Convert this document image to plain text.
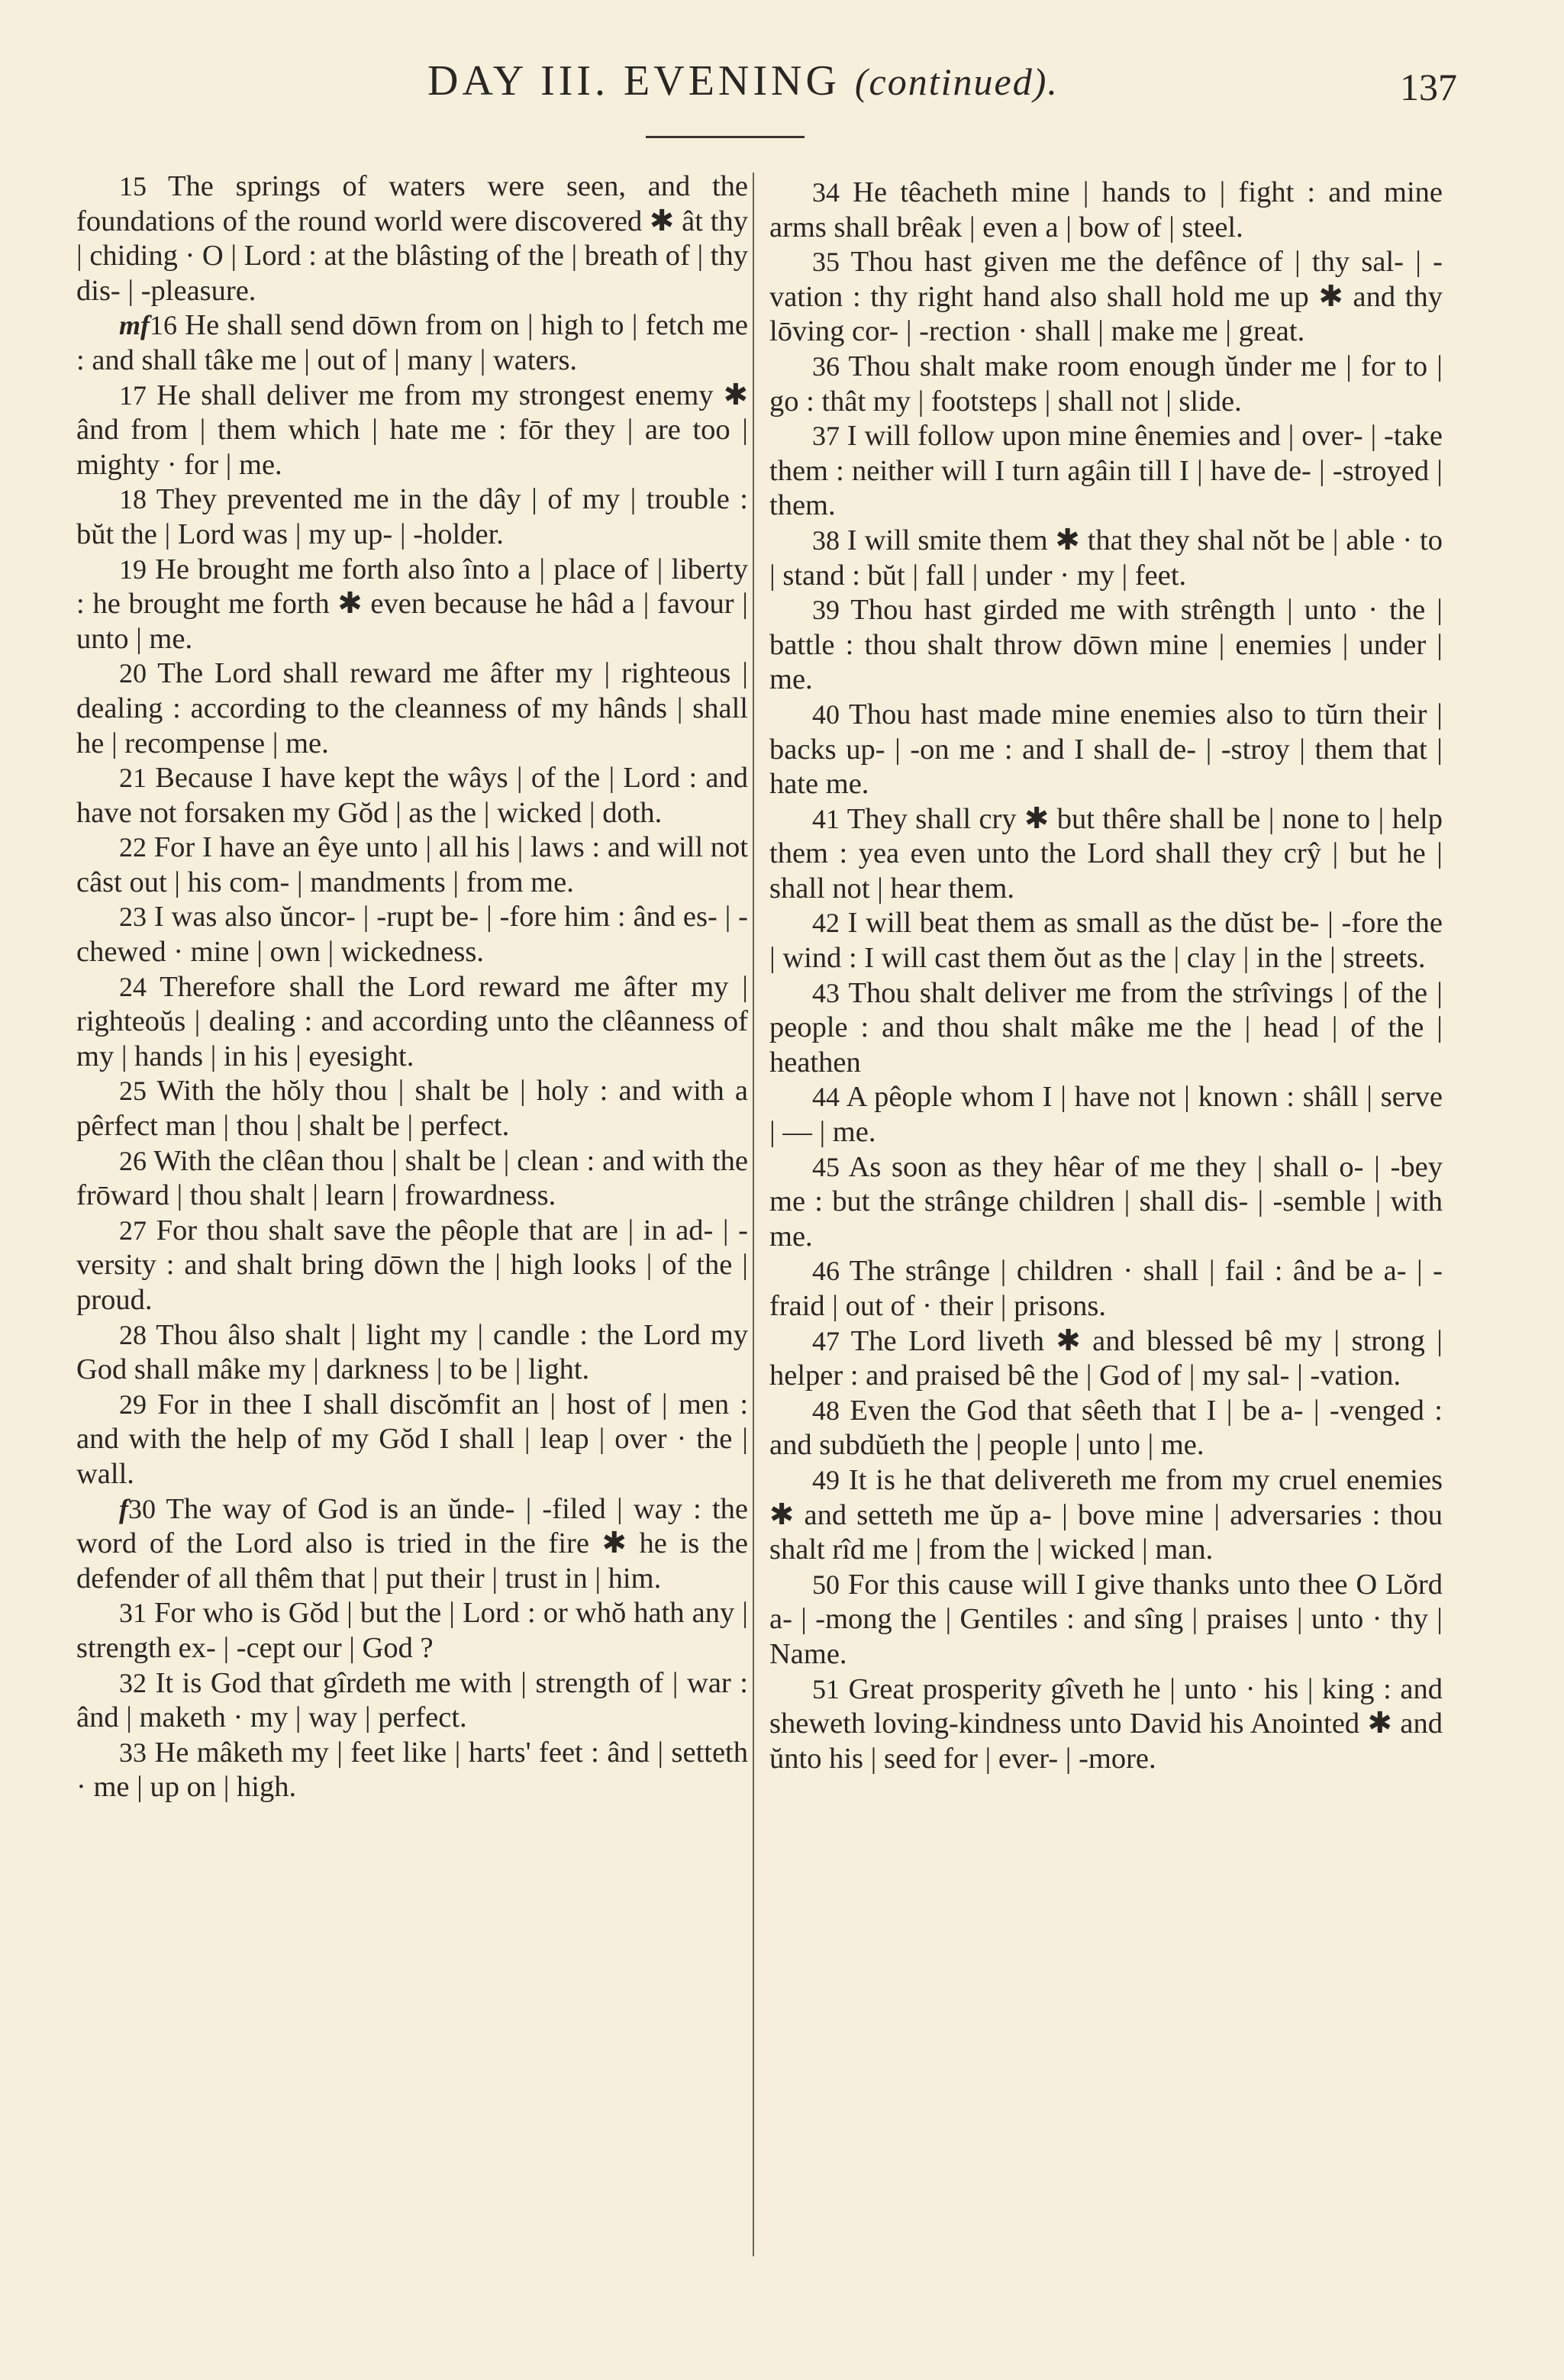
DAY III. EVENING (continued).	137

15 The springs of waters were seen, and the foundations of the round world were discovered ✱ ât thy | chiding · O | Lord : at the blâsting of the | breath of | thy dis- | -pleasure.

mf16 He shall send dōwn from on | high to | fetch me : and shall tâke me | out of | many | waters.

17 He shall deliver me from my strongest enemy ✱ ând from | them which | hate me : fōr they | are too | mighty · for | me.

18 They prevented me in the dây | of my | trouble : bŭt the | Lord was | my up- | -holder.

19 He brought me forth also înto a | place of | liberty : he brought me forth ✱ even because he hâd a | favour | unto | me.

20 The Lord shall reward me âfter my | righteous | dealing : according to the cleanness of my hânds | shall he | recompense | me.

21 Because I have kept the wâys | of the | Lord : and have not forsaken my Gŏd | as the | wicked | doth.

22 For I have an êye unto | all his | laws : and will not câst out | his com- | mandments | from me.

23 I was also ŭncor- | -rupt be- | -fore him : ând es- | -chewed · mine | own | wickedness.

24 Therefore shall the Lord reward me âfter my | righteoŭs | dealing : and according unto the clêanness of my | hands | in his | eyesight.

25 With the hŏly thou | shalt be | holy : and with a pêrfect man | thou | shalt be | perfect.

26 With the clêan thou | shalt be | clean : and with the frōward | thou shalt | learn | frowardness.

27 For thou shalt save the pêople that are | in ad- | -versity : and shalt bring dōwn the | high looks | of the | proud.

28 Thou âlso shalt | light my | candle : the Lord my God shall mâke my | darkness | to be | light.

29 For in thee I shall discŏmfit an | host of | men : and with the help of my Gŏd I shall | leap | over · the | wall.

f30 The way of God is an ŭnde- | -filed | way : the word of the Lord also is tried in the fire ✱ he is the defender of all thêm that | put their | trust in | him.

31 For who is Gŏd | but the | Lord : or whŏ hath any | strength ex- | -cept our | God ?

32 It is God that gîrdeth me with | strength of | war : ând | maketh · my | way | perfect.

33 He mâketh my | feet like | harts' feet : ând | setteth · me | up on | high.

34 He têacheth mine | hands to | fight : and mine arms shall brêak | even a | bow of | steel.

35 Thou hast given me the defênce of | thy sal- | -vation : thy right hand also shall hold me up ✱ and thy lōving cor- | -rection · shall | make me | great.

36 Thou shalt make room enough ŭnder me | for to | go : thât my | footsteps | shall not | slide.

37 I will follow upon mine ênemies and | over- | -take them : neither will I turn agâin till I | have de- | -stroyed | them.

38 I will smite them ✱ that they shal nŏt be | able · to | stand : bŭt | fall | under · my | feet.

39 Thou hast girded me with strêngth | unto · the | battle : thou shalt throw dōwn mine | enemies | under | me.

40 Thou hast made mine enemies also to tŭrn their | backs up- | -on me : and I shall de- | -stroy | them that | hate me.

41 They shall cry ✱ but thêre shall be | none to | help them : yea even unto the Lord shall they crŷ | but he | shall not | hear them.

42 I will beat them as small as the dŭst be- | -fore the | wind : I will cast them ŏut as the | clay | in the | streets.

43 Thou shalt deliver me from the strîvings | of the | people : and thou shalt mâke me the | head | of the | heathen

44 A pêople whom I | have not | known : shâll | serve | — | me.

45 As soon as they hêar of me they | shall o- | -bey me : but the strânge children | shall dis- | -semble | with me.

46 The strânge | children · shall | fail : ând be a- | -fraid | out of · their | prisons.

47 The Lord liveth ✱ and blessed bê my | strong | helper : and praised bê the | God of | my sal- | -vation.

48 Even the God that sêeth that I | be a- | -venged : and subdŭeth the | people | unto | me.

49 It is he that delivereth me from my cruel enemies ✱ and setteth me ŭp a- | bove mine | adversaries : thou shalt rîd me | from the | wicked | man.

50 For this cause will I give thanks unto thee O Lŏrd a- | -mong the | Gentiles : and sîng | praises | unto · thy | Name.

51 Great prosperity gîveth he | unto · his | king : and sheweth loving-kindness unto David his Anointed ✱ and ŭnto his | seed for | ever- | -more.
